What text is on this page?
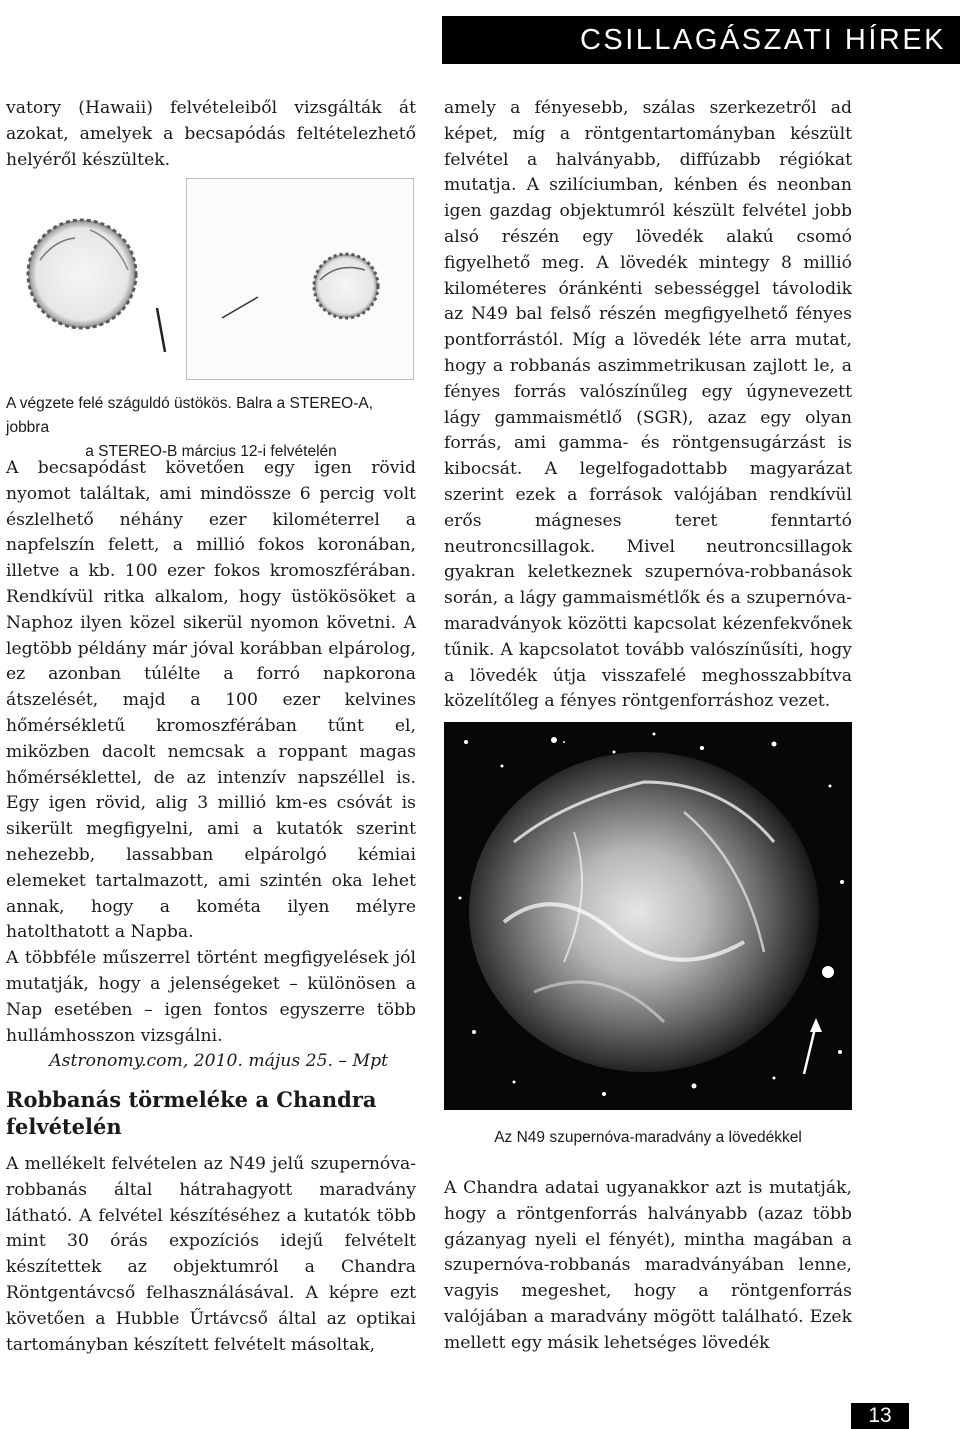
CSILLAGÁSZATI HÍREK

vatory (Hawaii) felvételeiből vizsgálták át azokat, amelyek a becsapódás feltételezhető helyéről készültek.

A végzete felé száguldó üstökös. Balra a STEREO-A, jobbra
a STEREO-B március 12-i felvételén

A becsapódást követően egy igen rövid nyomot találtak, ami mindössze 6 percig volt észlelhető néhány ezer kilométerrel a napfelszín felett, a millió fokos koronában, illetve a kb. 100 ezer fokos kromoszférában. Rendkívül ritka alkalom, hogy üstökösöket a Naphoz ilyen közel sikerül nyomon követni. A legtöbb példány már jóval korábban elpárolog, ez azonban túlélte a forró napkorona átszelését, majd a 100 ezer kelvines hőmérsékletű kromoszférában tűnt el, miközben dacolt nemcsak a roppant magas hőmérséklettel, de az intenzív napszéllel is. Egy igen rövid, alig 3 millió km-es csóvát is sikerült megfigyelni, ami a kutatók szerint nehezebb, lassabban elpárolgó kémiai elemeket tartalmazott, ami szintén oka lehet annak, hogy a kométa ilyen mélyre hatolthatott a Napba.

A többféle műszerrel történt megfigyelések jól mutatják, hogy a jelenségeket – különösen a Nap esetében – igen fontos egyszerre több hullámhosszon vizsgálni.

Astronomy.com, 2010. május 25. – Mpt

Robbanás törmeléke a Chandra felvételén

A mellékelt felvételen az N49 jelű szupernóva-robbanás által hátrahagyott maradvány látható. A felvétel készítéséhez a kutatók több mint 30 órás expozíciós idejű felvételt készítettek az objektumról a Chandra Röntgentávcső felhasználásával. A képre ezt követően a Hubble Űrtávcső által az optikai tartományban készített felvételt másoltak,

amely a fényesebb, szálas szerkezetről ad képet, míg a röntgentartományban készült felvétel a halványabb, diffúzabb régiókat mutatja. A szilíciumban, kénben és neonban igen gazdag objektumról készült felvétel jobb alsó részén egy lövedék alakú csomó figyelhető meg. A lövedék mintegy 8 millió kilométeres óránkénti sebességgel távolodik az N49 bal felső részén megfigyelhető fényes pontforrástól. Míg a lövedék léte arra mutat, hogy a robbanás aszimmetrikusan zajlott le, a fényes forrás valószínűleg egy úgynevezett lágy gammaismétlő (SGR), azaz egy olyan forrás, ami gamma- és röntgensugárzást is kibocsát. A legelfogadottabb magyarázat szerint ezek a források valójában rendkívül erős mágneses teret fenntartó neutroncsillagok. Mivel neutroncsillagok gyakran keletkeznek szupernóva-robbanások során, a lágy gammaismétlők és a szupernóva-maradványok közötti kapcsolat kézenfekvőnek tűnik. A kapcsolatot tovább valószínűsíti, hogy a lövedék útja visszafelé meghosszabbítva közelítőleg a fényes röntgenforráshoz vezet.

Az N49 szupernóva-maradvány a lövedékkel

A Chandra adatai ugyanakkor azt is mutatják, hogy a röntgenforrás halványabb (azaz több gázanyag nyeli el fényét), mintha magában a szupernóva-robbanás maradványában lenne, vagyis megeshet, hogy a röntgenforrás valójában a maradvány mögött található. Ezek mellett egy másik lehetséges lövedék

13
